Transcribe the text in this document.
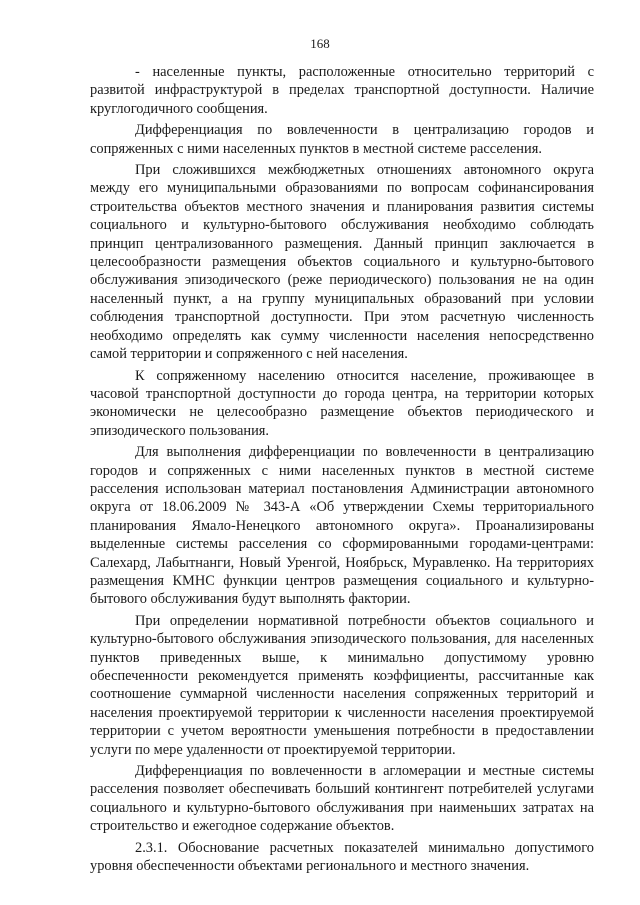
168

- населенные пункты, расположенные относительно территорий с развитой инфраструктурой в пределах транспортной доступности. Наличие круглогодичного сообщения.

Дифференциация по вовлеченности в централизацию городов и сопряженных с ними населенных пунктов в местной системе расселения.

При сложившихся межбюджетных отношениях автономного округа между его муниципальными образованиями по вопросам софинансирования строительства объектов местного значения и планирования развития системы социального и культурно-бытового обслуживания необходимо соблюдать принцип централизованного размещения. Данный принцип заключается в целесообразности размещения объектов социального и культурно-бытового обслуживания эпизодического (реже периодического) пользования не на один населенный пункт, а на группу муниципальных образований при условии соблюдения транспортной доступности. При этом расчетную численность необходимо определять как сумму численности населения непосредственно самой территории и сопряженного с ней населения.

К сопряженному населению относится население, проживающее в часовой транспортной доступности до города центра, на территории которых экономически не целесообразно размещение объектов периодического и эпизодического пользования.

Для выполнения дифференциации по вовлеченности в централизацию городов и сопряженных с ними населенных пунктов в местной системе расселения использован материал постановления Администрации автономного округа от 18.06.2009 № 343-А «Об утверждении Схемы территориального планирования Ямало-Ненецкого автономного округа». Проанализированы выделенные системы расселения со сформированными городами-центрами: Салехард, Лабытнанги, Новый Уренгой, Ноябрьск, Муравленко. На территориях размещения КМНС функции центров размещения социального и культурно-бытового обслуживания будут выполнять фактории.

При определении нормативной потребности объектов социального и культурно-бытового обслуживания эпизодического пользования, для населенных пунктов приведенных выше, к минимально допустимому уровню обеспеченности рекомендуется применять коэффициенты, рассчитанные как соотношение суммарной численности населения сопряженных территорий и населения проектируемой территории к численности населения проектируемой территории с учетом вероятности уменьшения потребности в предоставлении услуги по мере удаленности от проектируемой территории.

Дифференциация по вовлеченности в агломерации и местные системы расселения позволяет обеспечивать больший контингент потребителей услугами социального и культурно-бытового обслуживания при наименьших затратах на строительство и ежегодное содержание объектов.

2.3.1. Обоснование расчетных показателей минимально допустимого уровня обеспеченности объектами регионального и местного значения.
